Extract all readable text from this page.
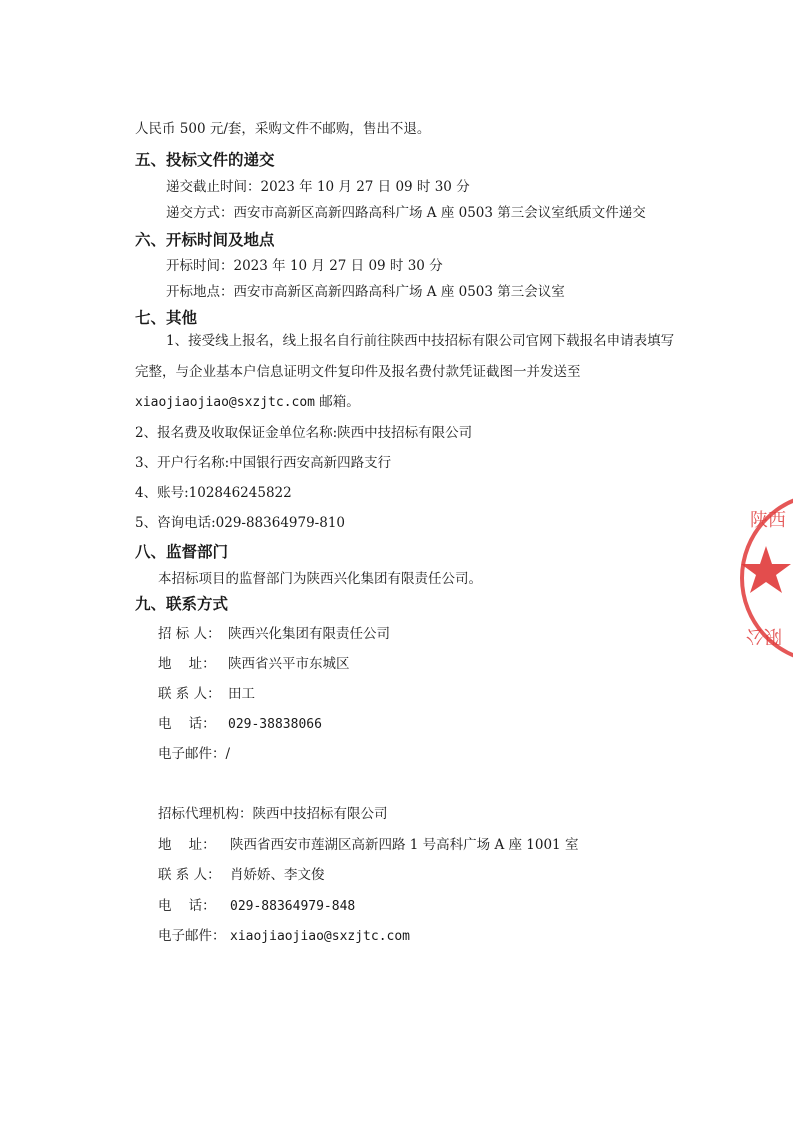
人民币 500 元/套，采购文件不邮购，售出不退。
五、投标文件的递交
递交截止时间：2023 年 10 月 27 日 09 时 30 分
递交方式：西安市高新区高新四路高科广场 A 座 0503 第三会议室纸质文件递交
六、开标时间及地点
开标时间：2023 年 10 月 27 日 09 时 30 分
开标地点：西安市高新区高新四路高科广场 A 座 0503 第三会议室
七、其他
1、接受线上报名，线上报名自行前往陕西中技招标有限公司官网下载报名申请表填写
完整，与企业基本户信息证明文件复印件及报名费付款凭证截图一并发送至
xiaojiaojiao@sxzjtc.com 邮箱。
2、报名费及收取保证金单位名称:陕西中技招标有限公司
3、开户行名称:中国银行西安高新四路支行
4、账号:102846245822
5、咨询电话:029-88364979-810
八、监督部门
本招标项目的监督部门为陕西兴化集团有限责任公司。
九、联系方式
招 标 人： 陕西兴化集团有限责任公司
地    址： 陕西省兴平市东城区
联 系 人： 田工
电    话： 029-38838066
电子邮件：/
招标代理机构：陕西中技招标有限公司
地    址： 陕西省西安市莲湖区高新四路 1 号高科广场 A 座 1001 室
联 系 人： 肖娇娇、李文俊
电    话： 029-88364979-848
电子邮件： xiaojiaojiao@sxzjtc.com
陕西
限公
